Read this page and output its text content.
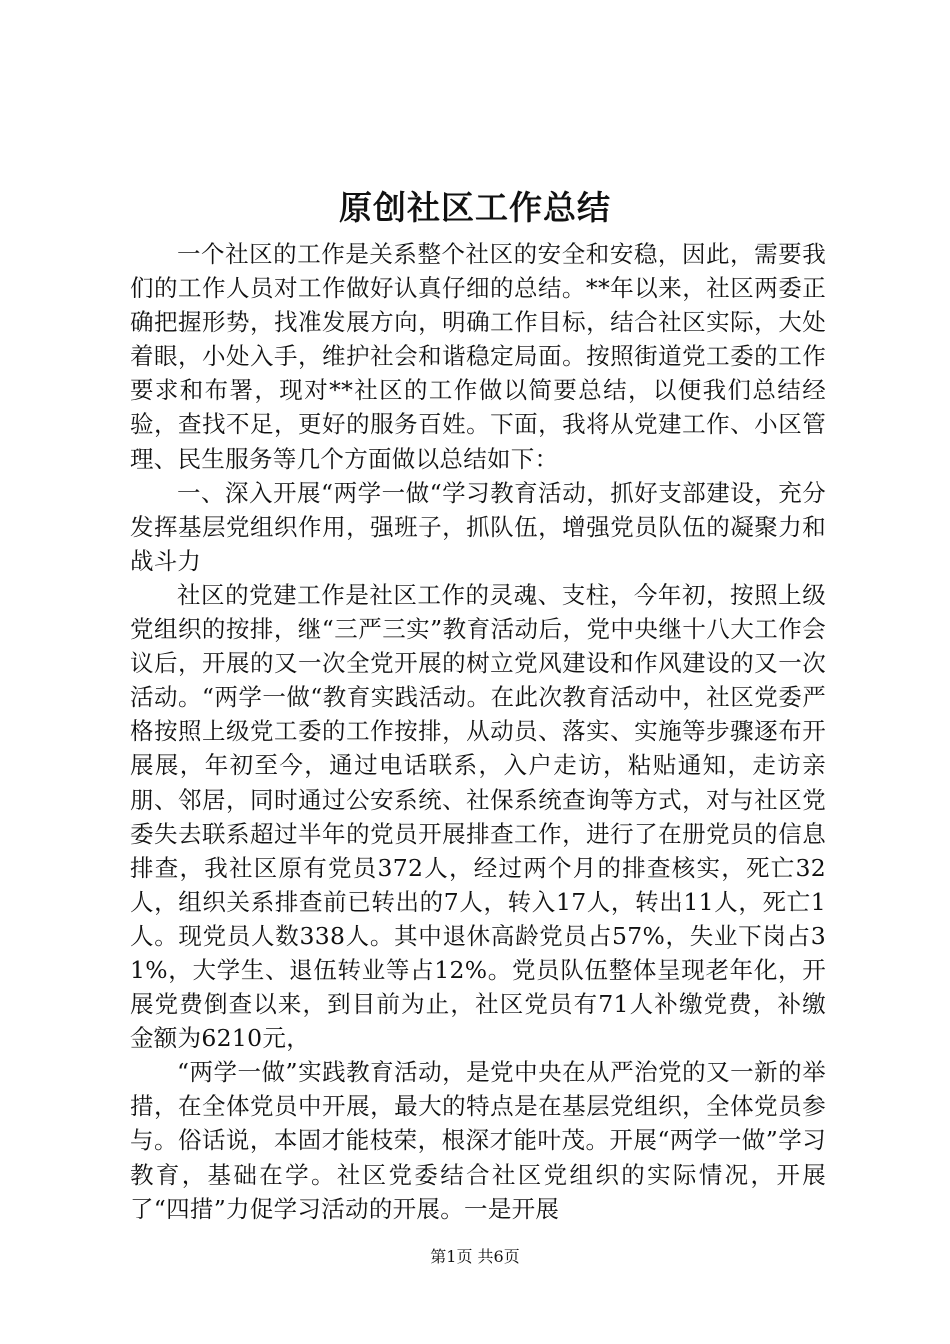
原创社区工作总结

一个社区的工作是关系整个社区的安全和安稳，因此，需要我们的工作人员对工作做好认真仔细的总结。**年以来，社区两委正确把握形势，找准发展方向，明确工作目标，结合社区实际，大处着眼，小处入手，维护社会和谐稳定局面。按照街道党工委的工作要求和布署，现对**社区的工作做以简要总结，以便我们总结经验，查找不足，更好的服务百姓。下面，我将从党建工作、小区管理、民生服务等几个方面做以总结如下：

一、深入开展“两学一做“学习教育活动，抓好支部建设，充分发挥基层党组织作用，强班子，抓队伍，增强党员队伍的凝聚力和战斗力

社区的党建工作是社区工作的灵魂、支柱，今年初，按照上级党组织的按排，继“三严三实”教育活动后，党中央继十八大工作会议后，开展的又一次全党开展的树立党风建设和作风建设的又一次活动。“两学一做“教育实践活动。在此次教育活动中，社区党委严格按照上级党工委的工作按排，从动员、落实、实施等步骤逐布开展展，年初至今，通过电话联系，入户走访，粘贴通知，走访亲朋、邻居，同时通过公安系统、社保系统查询等方式，对与社区党委失去联系超过半年的党员开展排查工作，进行了在册党员的信息排查，我社区原有党员372人，经过两个月的排查核实，死亡32人，组织关系排查前已转出的7人，转入17人，转出11人，死亡1人。现党员人数338人。其中退休高龄党员占57%，失业下岗占31%，大学生、退伍转业等占12%。党员队伍整体呈现老年化，开展党费倒查以来，到目前为止，社区党员有71人补缴党费，补缴金额为6210元，

“两学一做”实践教育活动，是党中央在从严治党的又一新的举措，在全体党员中开展，最大的特点是在基层党组织，全体党员参与。俗话说，本固才能枝荣，根深才能叶茂。开展“两学一做”学习教育，基础在学。社区党委结合社区党组织的实际情况，开展了“四措”力促学习活动的开展。一是开展

第1页 共6页
